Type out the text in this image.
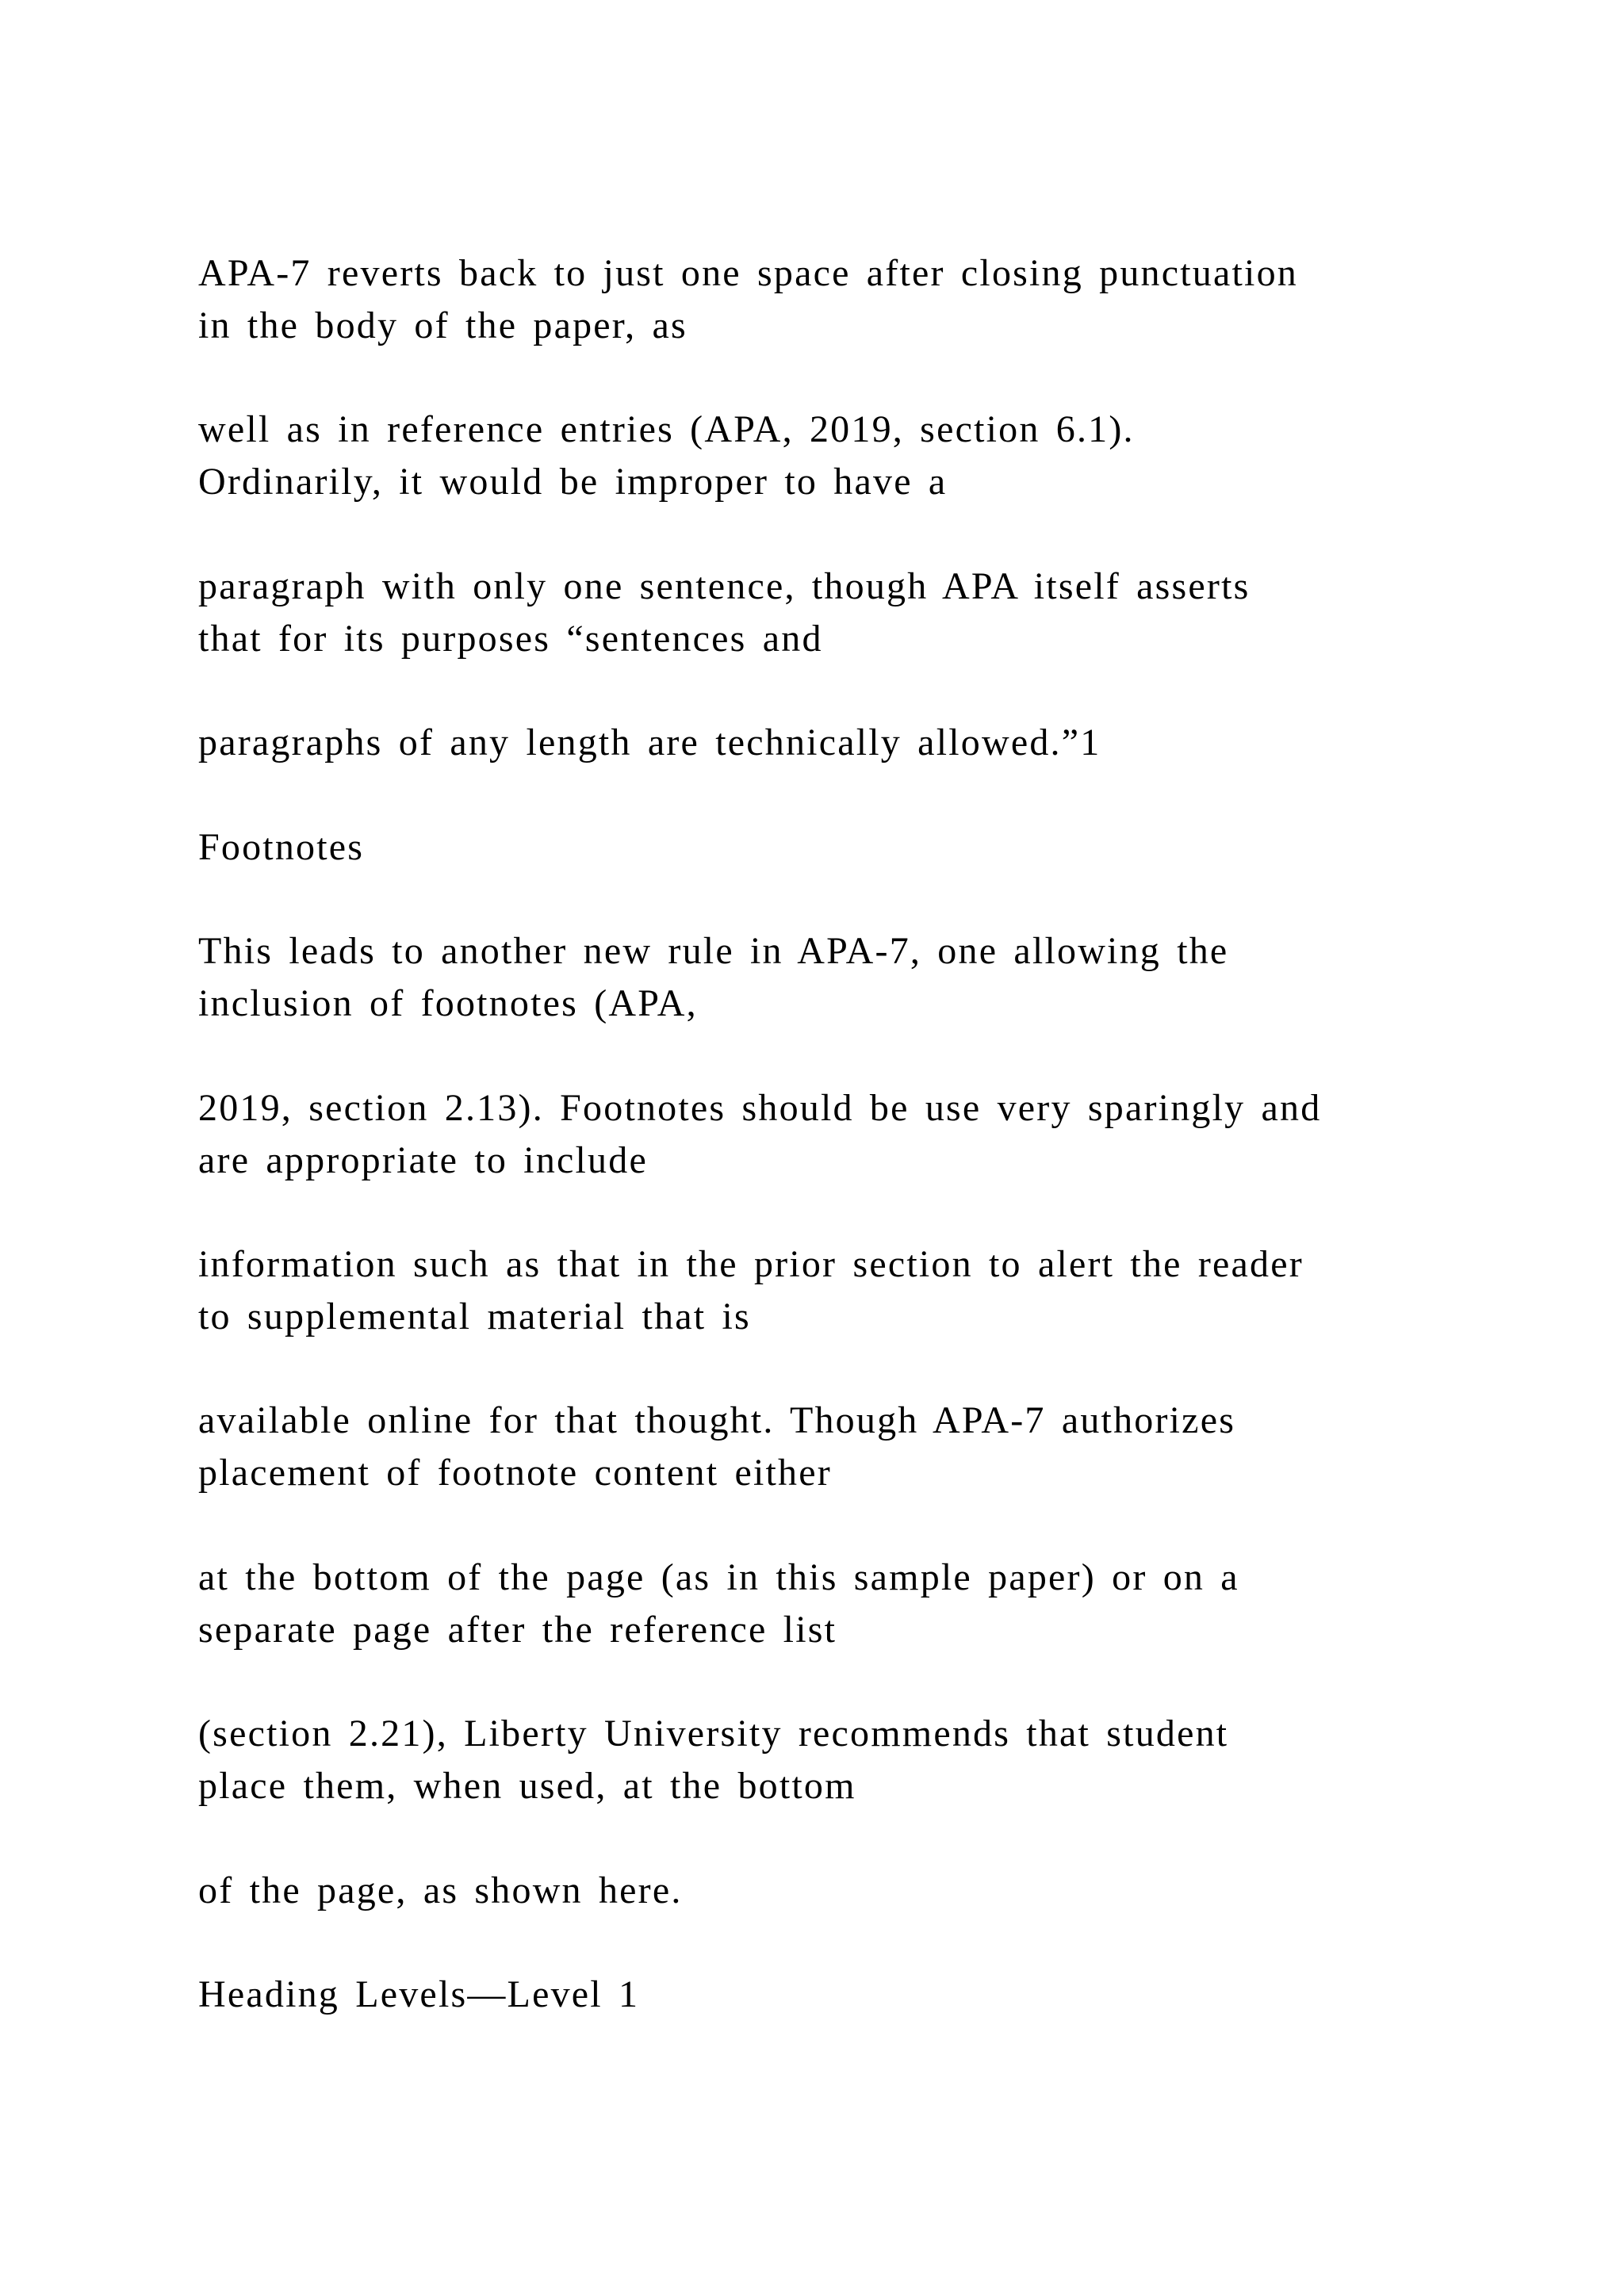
APA-7 reverts back to just one space after closing punctuation

in the body of the paper, as

well as in reference entries (APA, 2019, section 6.1).

Ordinarily, it would be improper to have a

paragraph with only one sentence, though APA itself asserts

that for its purposes “sentences and

paragraphs of any length are technically allowed.”1

Footnotes

This leads to another new rule in APA-7, one allowing the

inclusion of footnotes (APA,

2019, section 2.13). Footnotes should be use very sparingly and

are appropriate to include

information such as that in the prior section to alert the reader

to supplemental material that is

available online for that thought. Though APA-7 authorizes

placement of footnote content either

at the bottom of the page (as in this sample paper) or on a

separate page after the reference list

(section 2.21), Liberty University recommends that student

place them, when used, at the bottom

of the page, as shown here.

Heading Levels—Level 1
